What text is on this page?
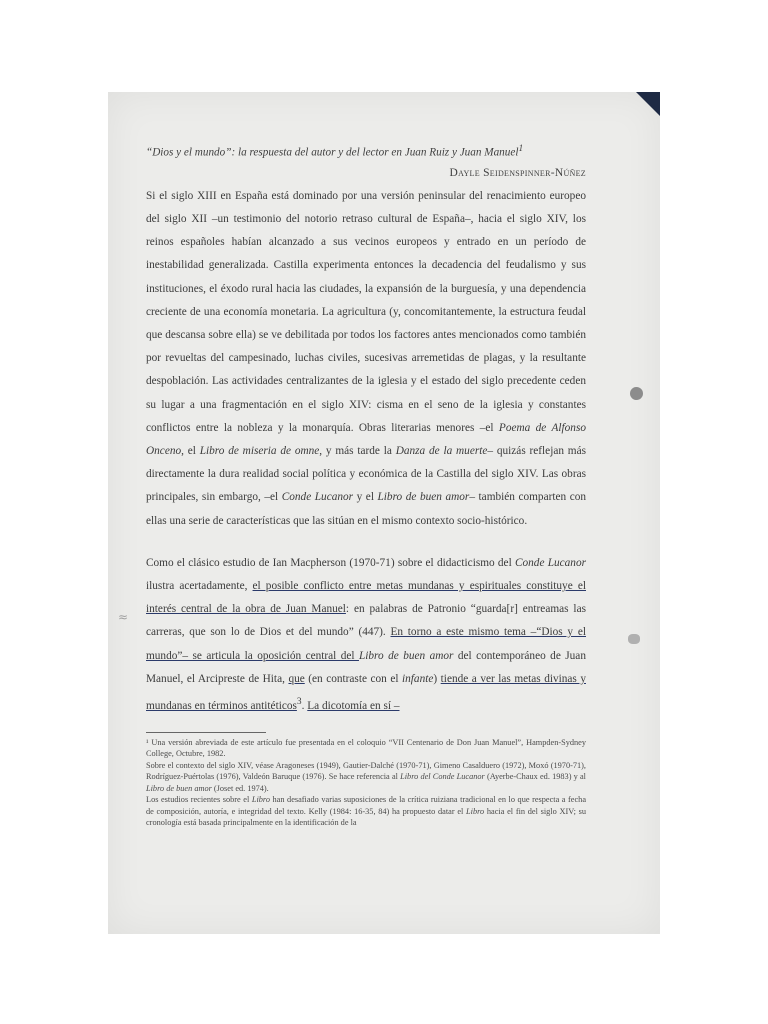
≈

“Dios y el mundo”: la respuesta del autor y del lector en Juan Ruiz y Juan Manuel$^1$

Dayle Seidenspinner-Núñez

Si el siglo XIII en España está dominado por una versión peninsular del renacimiento europeo del siglo XII –un testimonio del notorio retraso cultural de España–, hacia el siglo XIV, los reinos españoles habían alcanzado a sus vecinos europeos y entrado en un período de inestabilidad generalizada. Castilla experimenta entonces la decadencia del feudalismo y sus instituciones, el éxodo rural hacia las ciudades, la expansión de la burguesía, y una dependencia creciente de una economía monetaria. La agricultura (y, concomitantemente, la estructura feudal que descansa sobre ella) se ve debilitada por todos los factores antes mencionados como también por revueltas del campesinado, luchas civiles, sucesivas arremetidas de plagas, y la resultante despoblación. Las actividades centralizantes de la iglesia y el estado del siglo precedente ceden su lugar a una fragmentación en el siglo XIV: cisma en el seno de la iglesia y constantes conflictos entre la nobleza y la monarquía. Obras literarias menores –el Poema de Alfonso Onceno, el Libro de miseria de omne, y más tarde la Danza de la muerte– quizás reflejan más directamente la dura realidad social política y económica de la Castilla del siglo XIV. Las obras principales, sin embargo, –el Conde Lucanor y el Libro de buen amor– también comparten con ellas una serie de características que las sitúan en el mismo contexto socio-histórico.

Como el clásico estudio de Ian Macpherson (1970-71) sobre el didacticismo del Conde Lucanor ilustra acertadamente, el posible conflicto entre metas mundanas y espirituales constituye el interés central de la obra de Juan Manuel: en palabras de Patronio “guarda[r] entreamas las carreras, que son lo de Dios et del mundo” (447). En torno a este mismo tema –“Dios y el mundo”– se articula la oposición central del Libro de buen amor del contemporáneo de Juan Manuel, el Arcipreste de Hita, que (en contraste con el infante) tiende a ver las metas divinas y mundanas en términos antitéticos$^3$. La dicotomía en sí –

¹ Una versión abreviada de este artículo fue presentada en el coloquio “VII Centenario de Don Juan Manuel”, Hampden-Sydney College, Octubre, 1982.

Sobre el contexto del siglo XIV, véase Aragoneses (1949), Gautier-Dalché (1970-71), Gimeno Casalduero (1972), Moxó (1970-71), Rodríguez-Puértolas (1976), Valdeón Baruque (1976). Se hace referencia al Libro del Conde Lucanor (Ayerbe-Chaux ed. 1983) y al Libro de buen amor (Joset ed. 1974).

Los estudios recientes sobre el Libro han desafiado varias suposiciones de la crítica ruiziana tradicional en lo que respecta a fecha de composición, autoría, e integridad del texto. Kelly (1984: 16-35, 84) ha propuesto datar el Libro hacia el fin del siglo XIV; su cronología está basada principalmente en la identificación de la
